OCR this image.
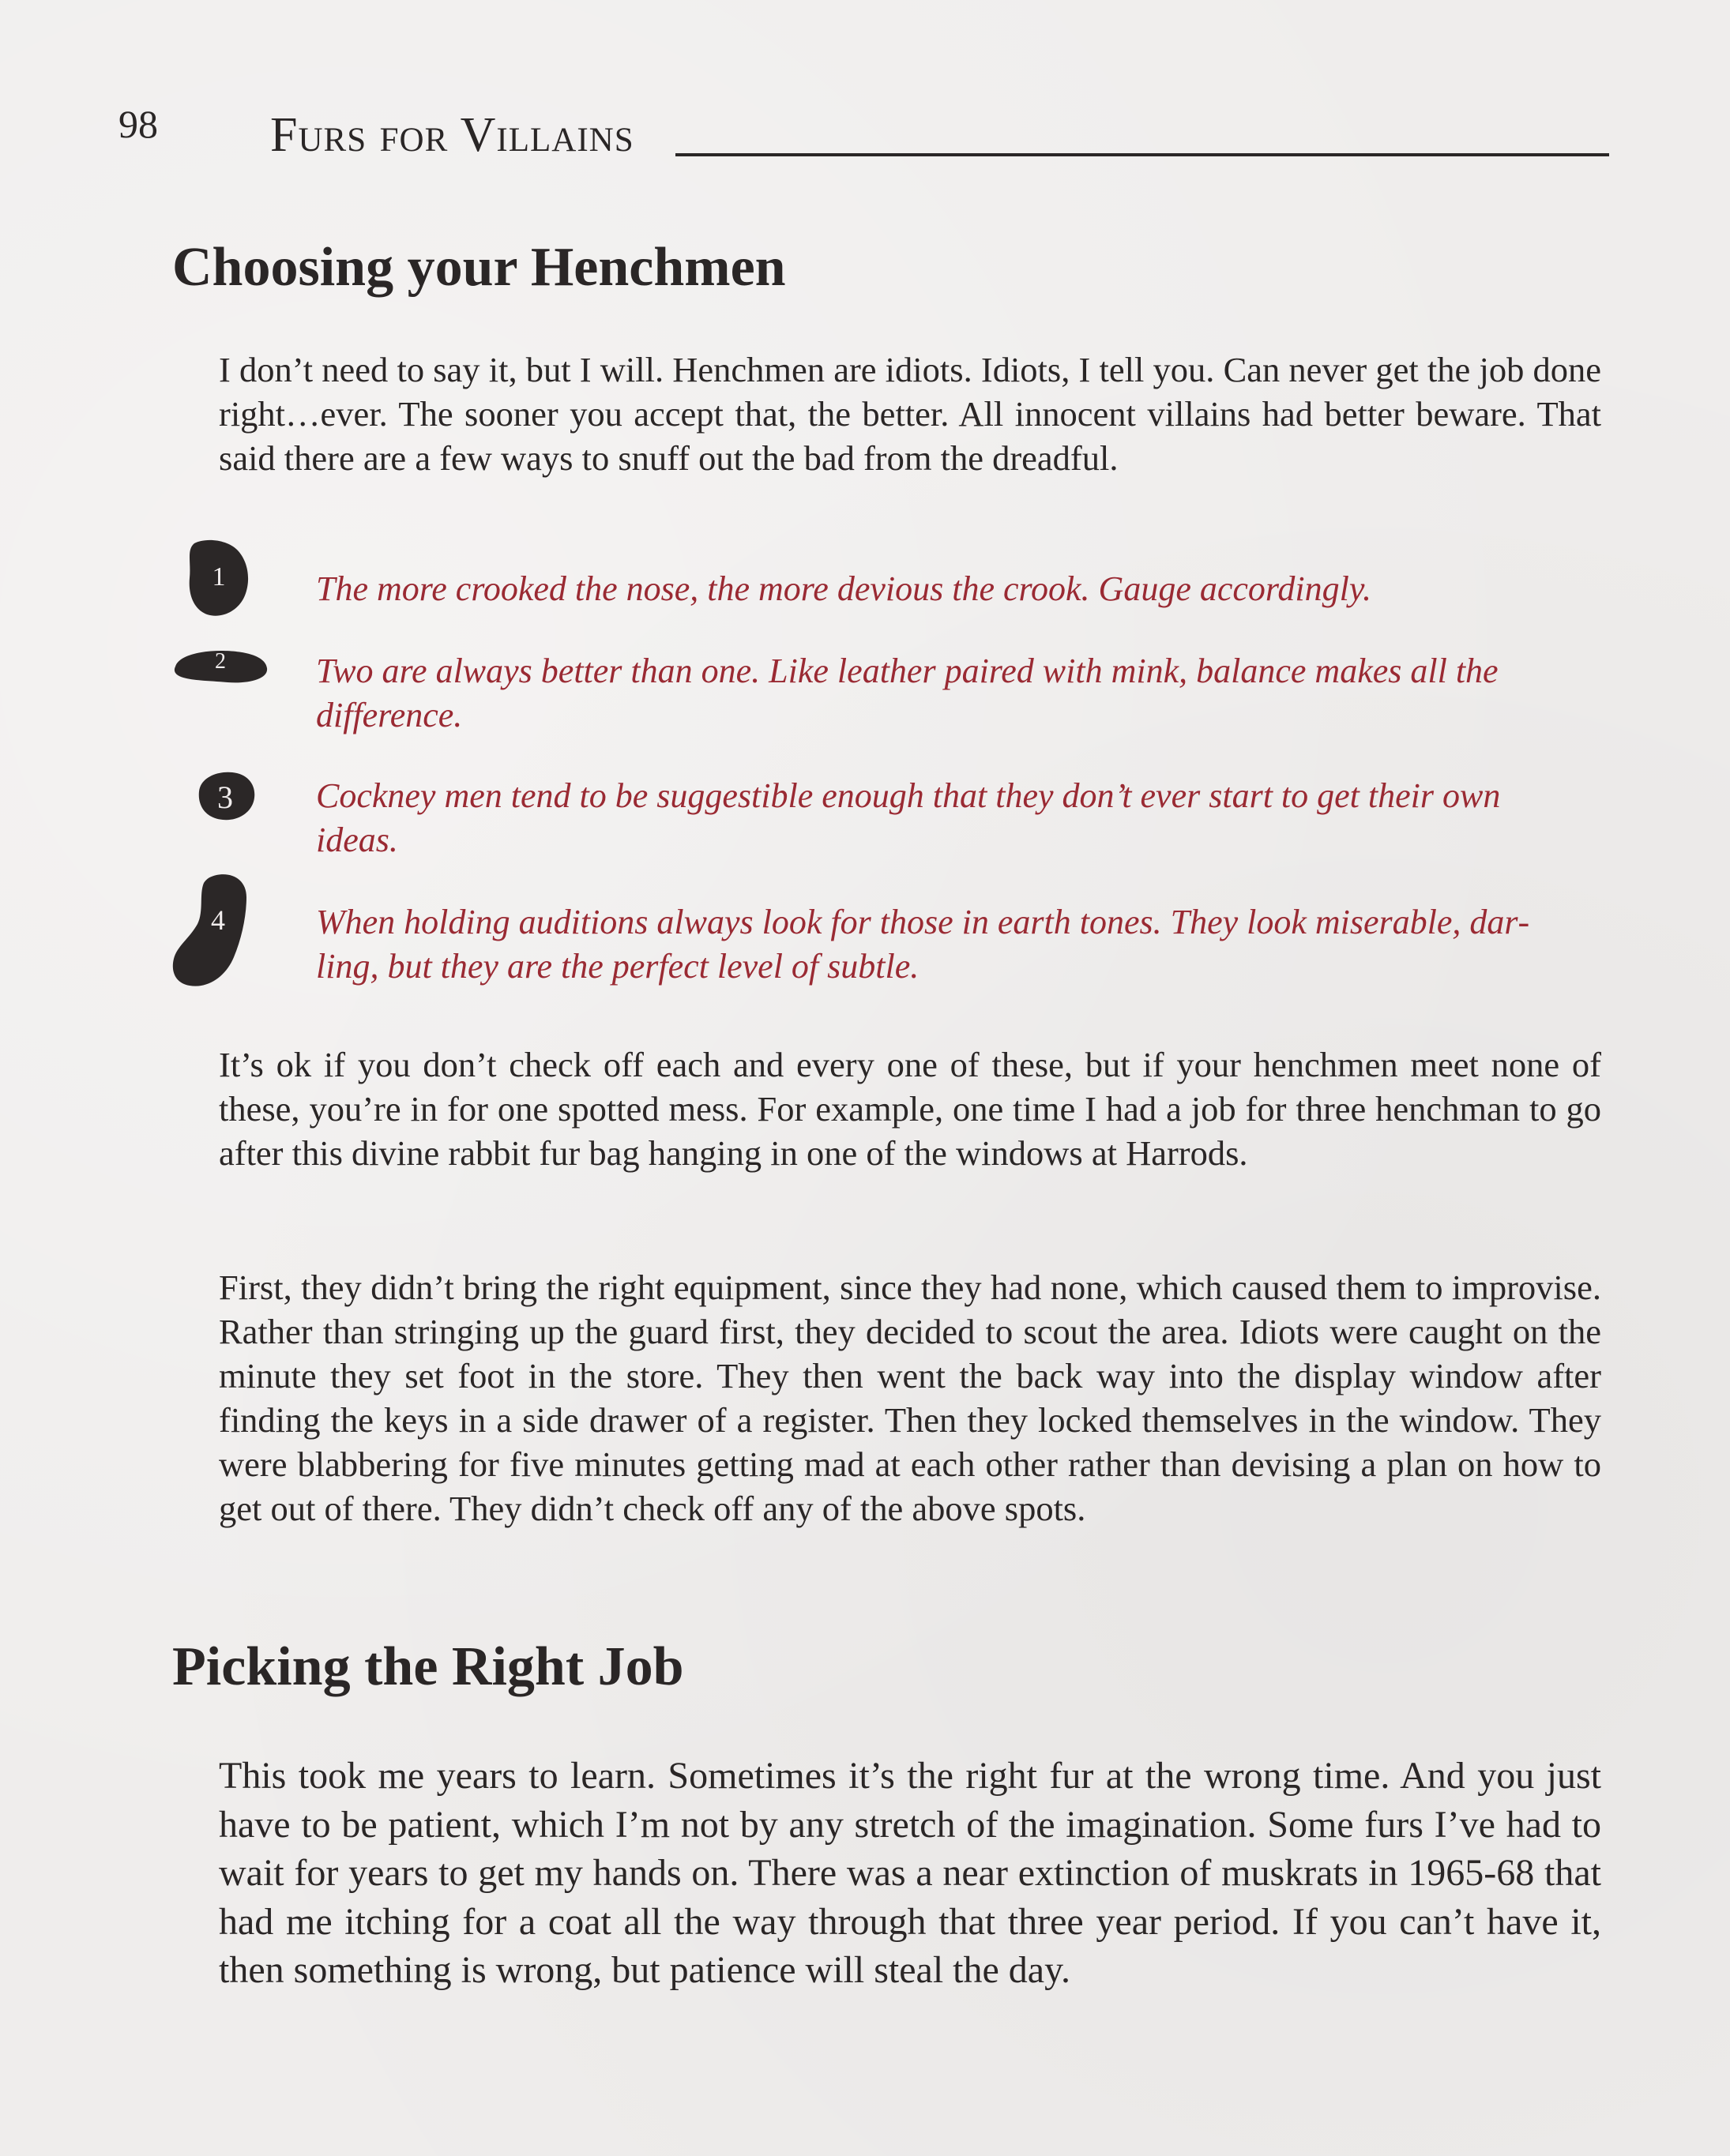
98 Furs for Villains

Choosing your Henchmen

I don’t need to say it, but I will. Henchmen are idiots. Idiots, I tell you. Can never get the job done right…ever. The sooner you accept that, the better. All innocent villains had better beware. That said there are a few ways to snuff out the bad from the dreadful.

1	The more crooked the nose, the more devious the crook. Gauge accordingly.

2	Two are always better than one. Like leather paired with mink, balance makes all the difference.

3	Cockney men tend to be suggestible enough that they don’t ever start to get their own ideas.

4	When holding auditions always look for those in earth tones. They look miserable, darling, but they are the perfect level of subtle.

It’s ok if you don’t check off each and every one of these, but if your henchmen meet none of these, you’re in for one spotted mess. For example, one time I had a job for three henchman to go after this divine rabbit fur bag hanging in one of the windows at Harrods.

First, they didn’t bring the right equipment, since they had none, which caused them to improvise. Rather than stringing up the guard first, they decided to scout the area. Idiots were caught on the minute they set foot in the store. They then went the back way into the display window after finding the keys in a side drawer of a register. Then they locked themselves in the window. They were blabbering for five minutes getting mad at each other rather than devising a plan on how to get out of there. They didn’t check off any of the above spots.

Picking the Right Job

This took me years to learn. Sometimes it’s the right fur at the wrong time. And you just have to be patient, which I’m not by any stretch of the imagination. Some furs I’ve had to wait for years to get my hands on. There was a near extinction of muskrats in 1965-68 that had me itching for a coat all the way through that three year period. If you can’t have it, then something is wrong, but patience will steal the day.
